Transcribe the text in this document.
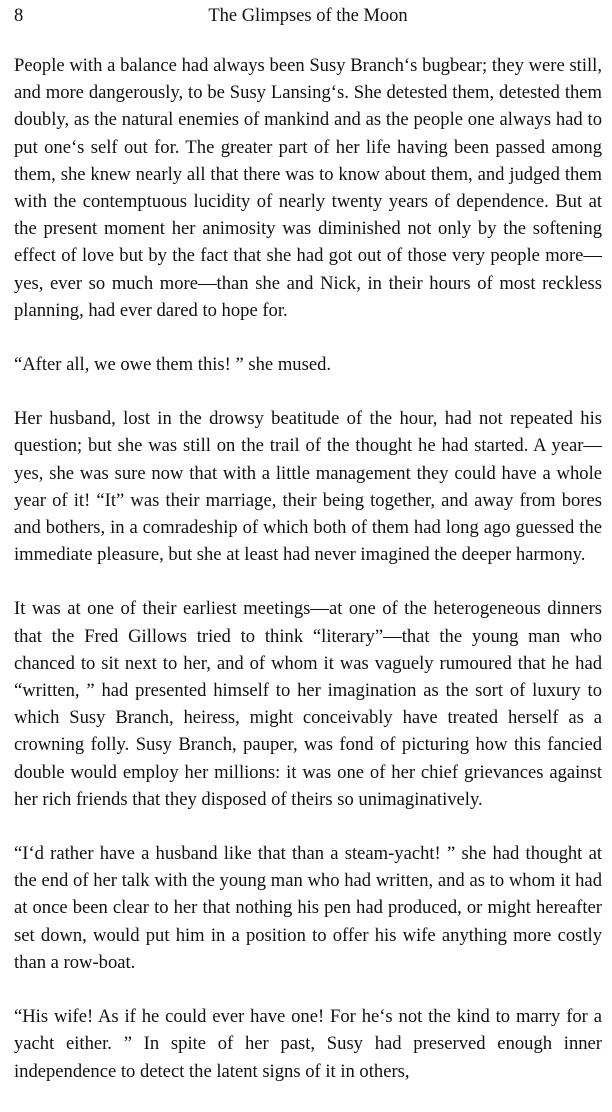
8	The Glimpses of the Moon

People with a balance had always been Susy Branch‘s bugbear; they were still, and more dangerously, to be Susy Lansing‘s. She detested them, detested them doubly, as the natural enemies of mankind and as the people one always had to put one‘s self out for. The greater part of her life having been passed among them, she knew nearly all that there was to know about them, and judged them with the contemptuous lucidity of nearly twenty years of dependence. But at the present moment her animosity was diminished not only by the softening effect of love but by the fact that she had got out of those very people more—yes, ever so much more—than she and Nick, in their hours of most reckless planning, had ever dared to hope for.

“After all, we owe them this! ” she mused.

Her husband, lost in the drowsy beatitude of the hour, had not repeated his question; but she was still on the trail of the thought he had started. A year—yes, she was sure now that with a little management they could have a whole year of it! “It” was their marriage, their being together, and away from bores and bothers, in a comradeship of which both of them had long ago guessed the immediate pleasure, but she at least had never imagined the deeper harmony.

It was at one of their earliest meetings—at one of the heterogeneous dinners that the Fred Gillows tried to think “literary”—that the young man who chanced to sit next to her, and of whom it was vaguely rumoured that he had “written, ” had presented himself to her imagination as the sort of luxury to which Susy Branch, heiress, might conceivably have treated herself as a crowning folly. Susy Branch, pauper, was fond of picturing how this fancied double would employ her millions: it was one of her chief grievances against her rich friends that they disposed of theirs so unimaginatively.

“I‘d rather have a husband like that than a steam-yacht! ” she had thought at the end of her talk with the young man who had written, and as to whom it had at once been clear to her that nothing his pen had produced, or might hereafter set down, would put him in a position to offer his wife anything more costly than a row-boat.

“His wife! As if he could ever have one! For he‘s not the kind to marry for a yacht either. ” In spite of her past, Susy had preserved enough inner independence to detect the latent signs of it in others,
